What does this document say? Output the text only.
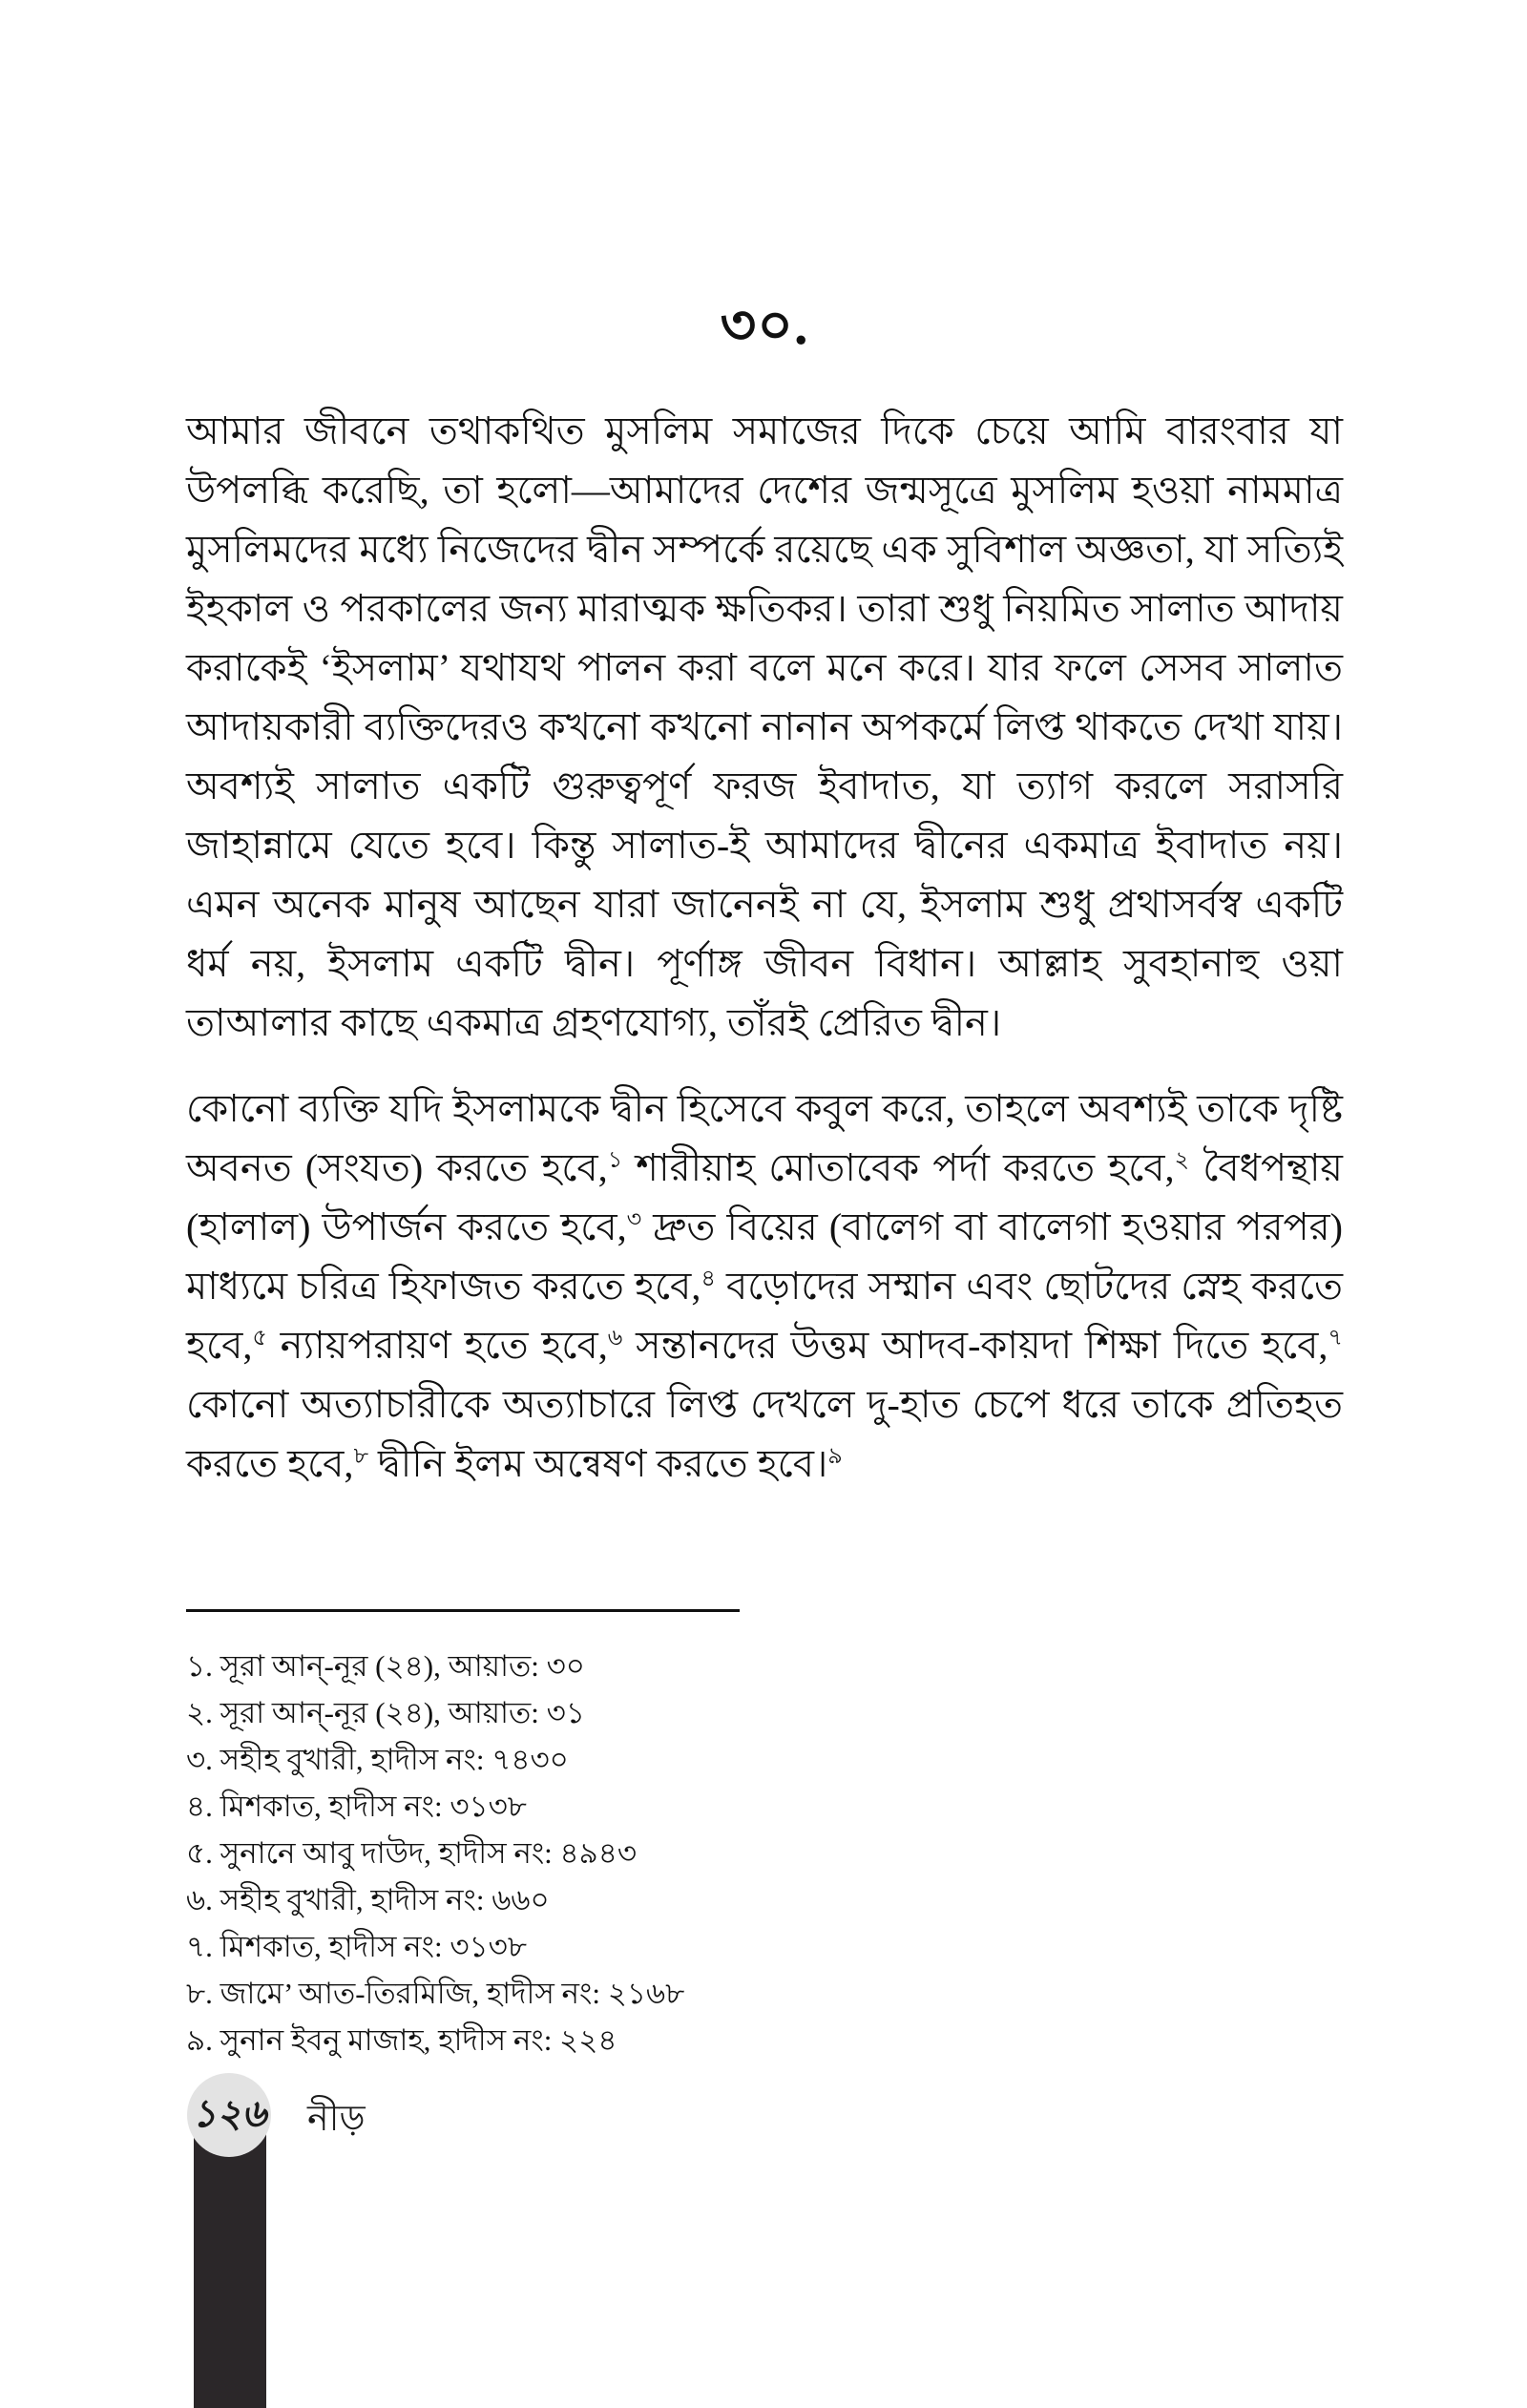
৩০.

আমার জীবনে তথাকথিত মুসলিম সমাজের দিকে চেয়ে আমি বারংবার যা উপলব্ধি করেছি, তা হলো—আমাদের দেশের জন্মসূত্রে মুসলিম হওয়া নামমাত্র মুসলিমদের মধ্যে নিজেদের দ্বীন সম্পর্কে রয়েছে এক সুবিশাল অজ্ঞতা, যা সত্যিই ইহকাল ও পরকালের জন্য মারাত্মক ক্ষতিকর। তারা শুধু নিয়মিত সালাত আদায় করাকেই ‘ইসলাম’ যথাযথ পালন করা বলে মনে করে। যার ফলে সেসব সালাত আদায়কারী ব্যক্তিদেরও কখনো কখনো নানান অপকর্মে লিপ্ত থাকতে দেখা যায়। অবশ্যই সালাত একটি গুরুত্বপূর্ণ ফরজ ইবাদাত, যা ত্যাগ করলে সরাসরি জাহান্নামে যেতে হবে। কিন্তু সালাত-ই আমাদের দ্বীনের একমাত্র ইবাদাত নয়। এমন অনেক মানুষ আছেন যারা জানেনই না যে, ইসলাম শুধু প্রথাসর্বস্ব একটি ধর্ম নয়, ইসলাম একটি দ্বীন। পূর্ণাঙ্গ জীবন বিধান। আল্লাহ সুবহানাহু ওয়া তাআলার কাছে একমাত্র গ্রহণযোগ্য, তাঁরই প্রেরিত দ্বীন।

কোনো ব্যক্তি যদি ইসলামকে দ্বীন হিসেবে কবুল করে, তাহলে অবশ্যই তাকে দৃষ্টি অবনত (সংযত) করতে হবে,$^১$ শারীয়াহ মোতাবেক পর্দা করতে হবে,$^২$ বৈধপন্থায় (হালাল) উপার্জন করতে হবে,$^৩$ দ্রুত বিয়ের (বালেগ বা বালেগা হওয়ার পরপর) মাধ্যমে চরিত্র হিফাজত করতে হবে,$^৪$ বড়োদের সম্মান এবং ছোটদের স্নেহ করতে হবে,$^৫$ ন্যায়পরায়ণ হতে হবে,$^৬$ সন্তানদের উত্তম আদব-কায়দা শিক্ষা দিতে হবে,$^৭$ কোনো অত্যাচারীকে অত্যাচারে লিপ্ত দেখলে দু-হাত চেপে ধরে তাকে প্রতিহত করতে হবে,$^৮$ দ্বীনি ইলম অন্বেষণ করতে হবে।$^৯$

১. সূরা আন্‌-নূর (২৪), আয়াত: ৩০
২. সূরা আন্‌-নূর (২৪), আয়াত: ৩১
৩. সহীহ বুখারী, হাদীস নং: ৭৪৩০
৪. মিশকাত, হাদীস নং: ৩১৩৮
৫. সুনানে আবু দাউদ, হাদীস নং: ৪৯৪৩
৬. সহীহ বুখারী, হাদীস নং: ৬৬০
৭. মিশকাত, হাদীস নং: ৩১৩৮
৮. জামে’ আত-তিরমিজি, হাদীস নং: ২১৬৮
৯. সুনান ইবনু মাজাহ, হাদীস নং: ২২৪
১২৬ নীড়
